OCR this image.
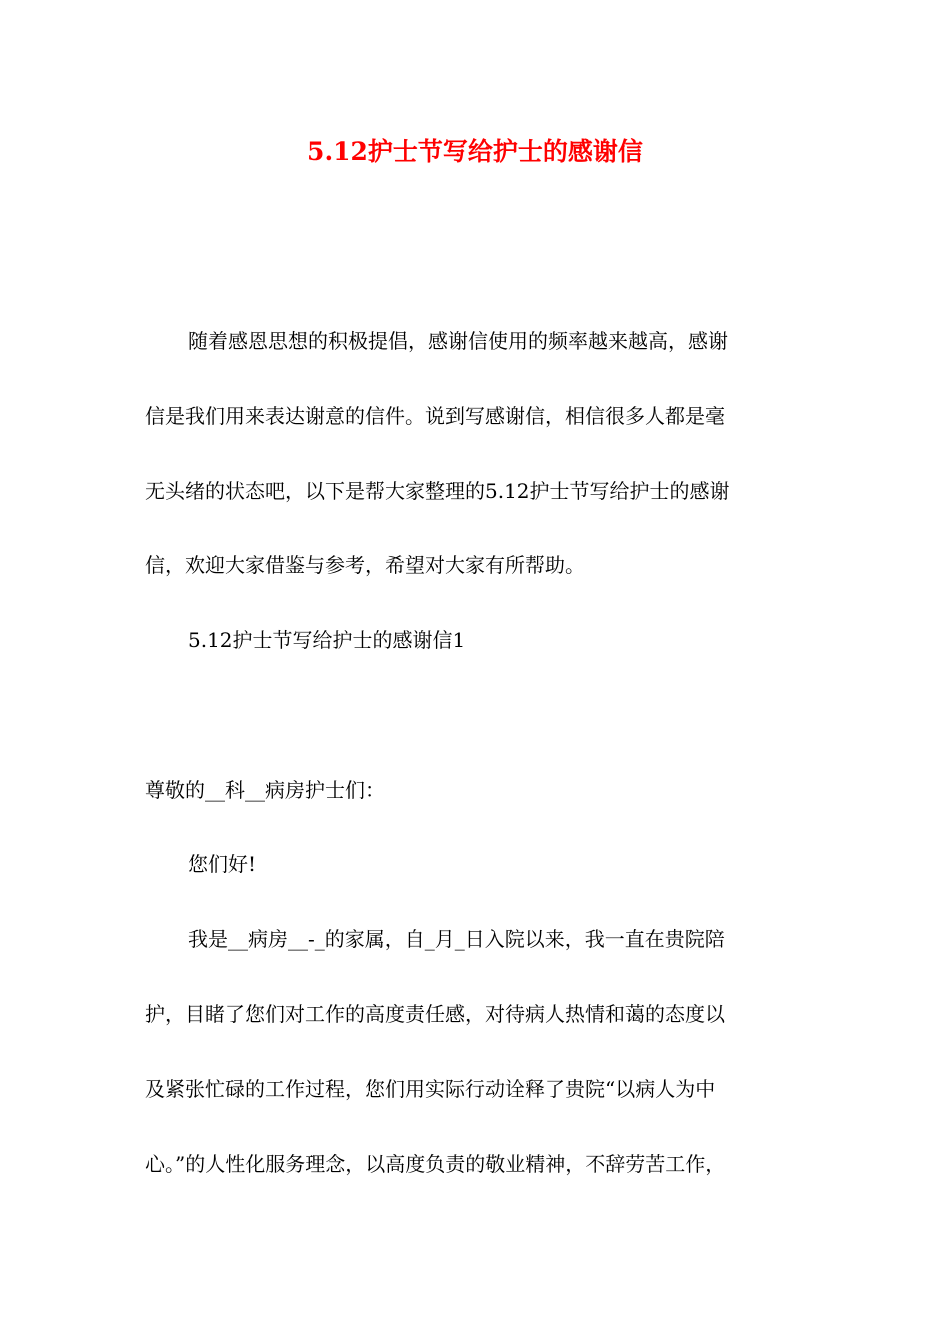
5.12护士节写给护士的感谢信

随着感恩思想的积极提倡，感谢信使用的频率越来越高，感谢

信是我们用来表达谢意的信件。说到写感谢信，相信很多人都是毫

无头绪的状态吧，以下是帮大家整理的5.12护士节写给护士的感谢

信，欢迎大家借鉴与参考，希望对大家有所帮助。

5.12护士节写给护士的感谢信1

尊敬的__科__病房护士们：

您们好!

我是__病房__-_的家属，自_月_日入院以来，我一直在贵院陪

护，目睹了您们对工作的高度责任感，对待病人热情和蔼的态度以

及紧张忙碌的工作过程，您们用实际行动诠释了贵院“以病人为中

心。”的人性化服务理念，以高度负责的敬业精神，不辞劳苦工作，
